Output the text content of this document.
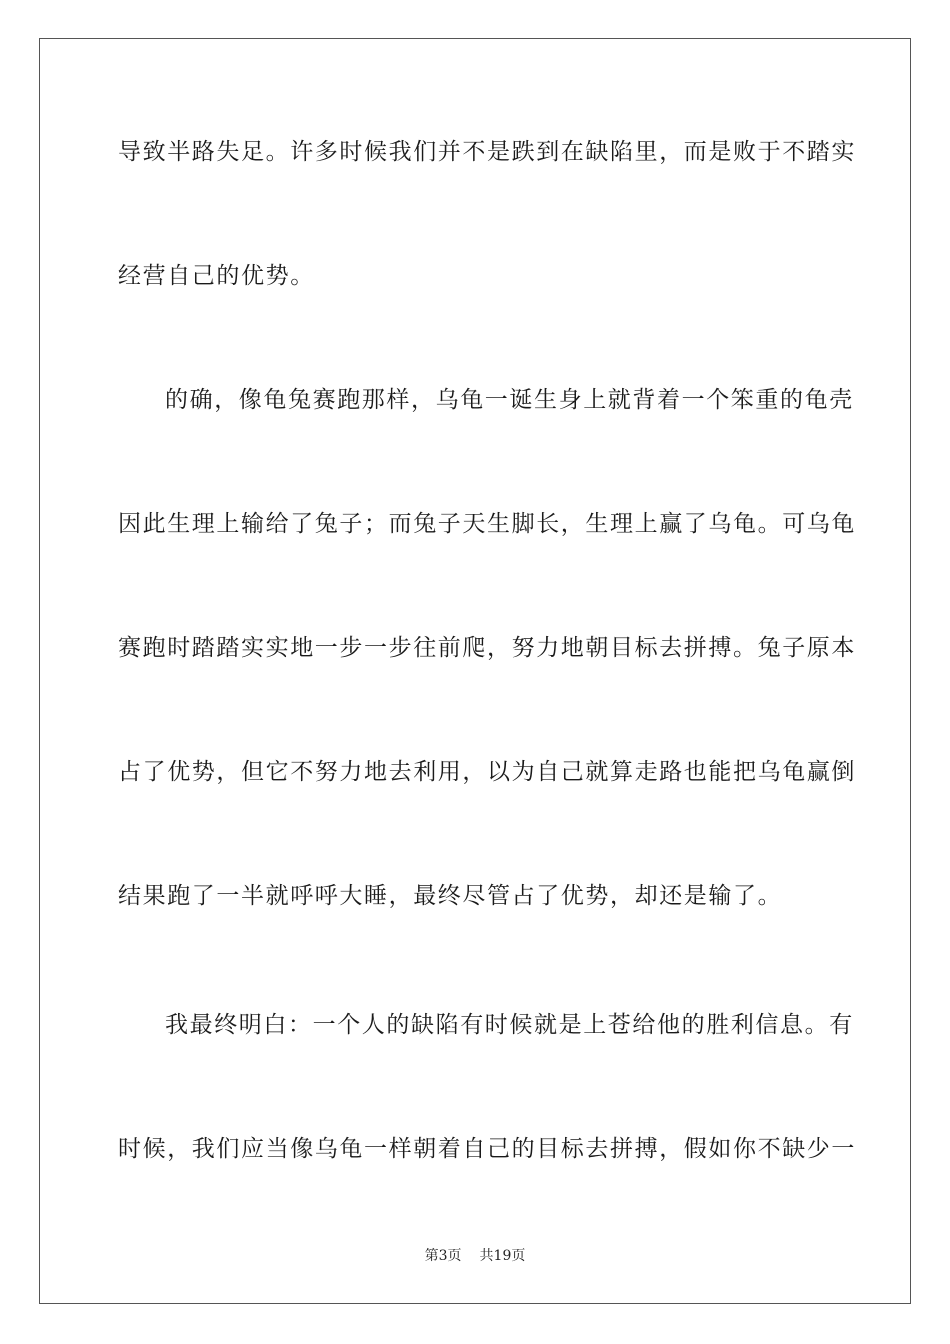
导致半路失足。许多时候我们并不是跌到在缺陷里，而是败于不踏实
经营自己的优势。
的确，像龟兔赛跑那样，乌龟一诞生身上就背着一个笨重的龟壳
因此生理上输给了兔子；而兔子天生脚长，生理上赢了乌龟。可乌龟
赛跑时踏踏实实地一步一步往前爬，努力地朝目标去拼搏。兔子原本
占了优势，但它不努力地去利用，以为自己就算走路也能把乌龟赢倒
结果跑了一半就呼呼大睡，最终尽管占了优势，却还是输了。
我最终明白：一个人的缺陷有时候就是上苍给他的胜利信息。有
时候，我们应当像乌龟一样朝着自己的目标去拼搏，假如你不缺少一
第3页 共19页
